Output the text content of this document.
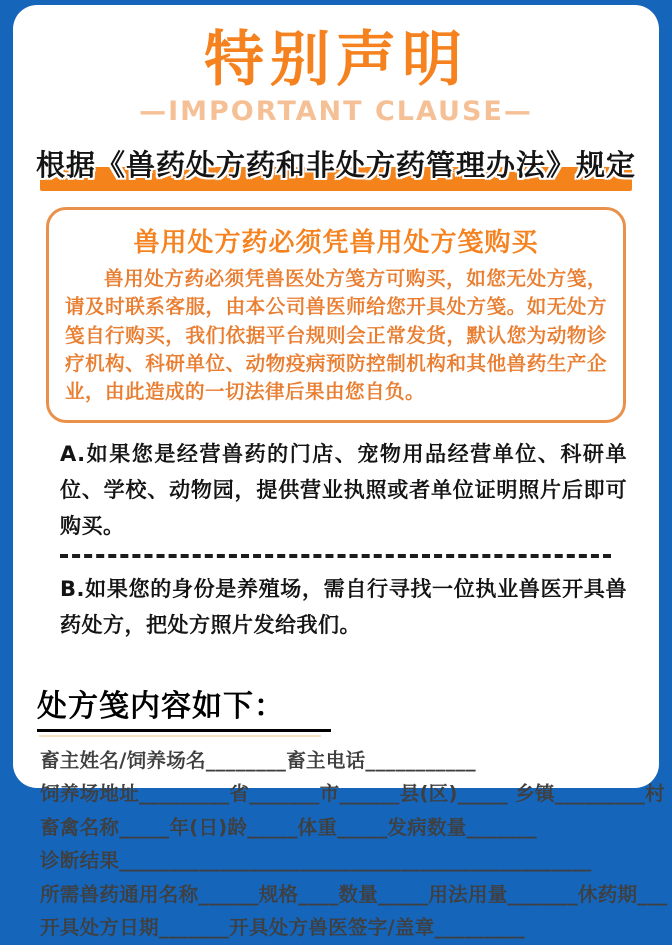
特别声明
—IMPORTANT CLAUSE—
根据《兽药处方药和非处方药管理办法》规定
兽用处方药必须凭兽用处方笺购买

兽用处方药必须凭兽医处方笺方可购买，如您无处方笺，请及时联系客服，由本公司兽医师给您开具处方笺。如无处方笺自行购买，我们依据平台规则会正常发货，默认您为动物诊疗机构、科研单位、动物疫病预防控制机构和其他兽药生产企业，由此造成的一切法律后果由您自负。

A.如果您是经营兽药的门店、宠物用品经营单位、科研单位、学校、动物园，提供营业执照或者单位证明照片后即可购买。

B.如果您的身份是养殖场，需自行寻找一位执业兽医开具兽药处方，把处方照片发给我们。

处方笺内容如下：
畜主姓名/饲养场名________畜主电话___________
饲养场地址_________省_______市______县(区)_____ 乡镇_________村
畜禽名称_____年(日)龄_____体重_____发病数量_______
诊断结果_______________________________________________
所需兽药通用名称______规格____数量_____用法用量_______休药期___
开具处方日期_______开具处方兽医签字/盖章_________
